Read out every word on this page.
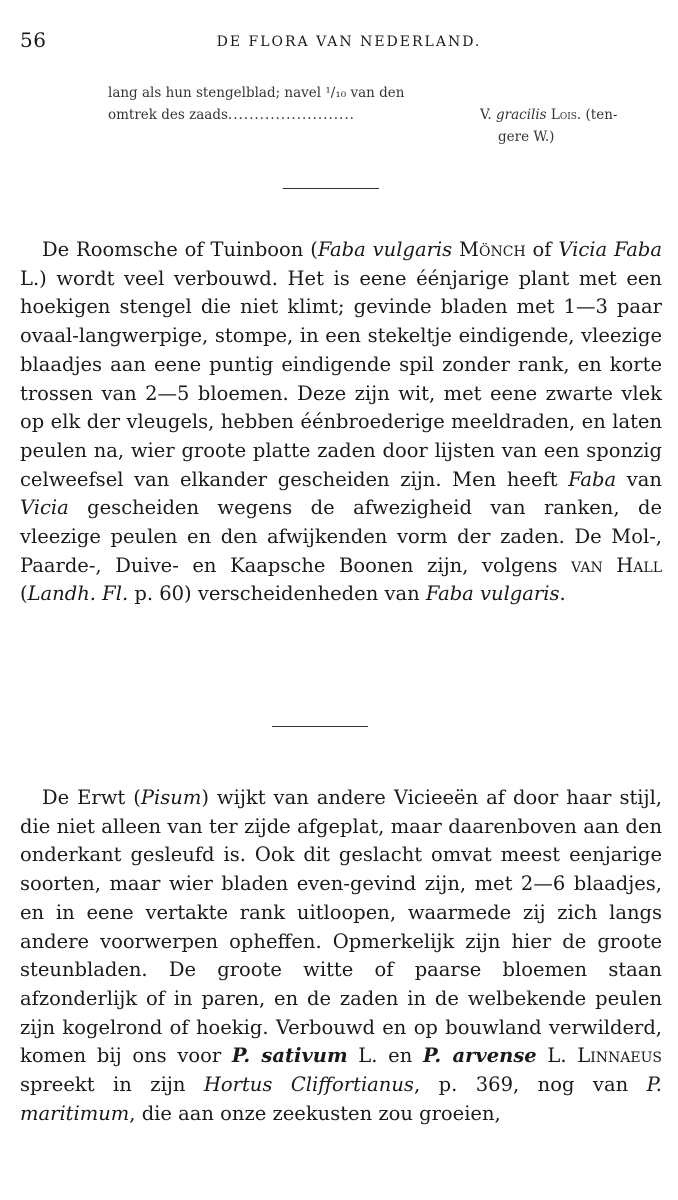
56	DE FLORA VAN NEDERLAND.
lang als hun stengelblad; navel ¹/₁₀ van den
omtrek des zaads........................	V. gracilis Lois. (ten-
gere W.)

De Roomsche of Tuinboon (Faba vulgaris Mönch of Vicia Faba L.) wordt veel verbouwd. Het is eene éénjarige plant met een hoekigen stengel die niet klimt; gevinde bladen met 1—3 paar ovaal-langwerpige, stompe, in een stekeltje eindigende, vleezige blaadjes aan eene puntig eindigende spil zonder rank, en korte trossen van 2—5 bloemen. Deze zijn wit, met eene zwarte vlek op elk der vleugels, hebben éénbroederige meeldraden, en laten peulen na, wier groote platte zaden door lijsten van een sponzig celweefsel van elkander gescheiden zijn. Men heeft Faba van Vicia gescheiden wegens de afwezigheid van ranken, de vleezige peulen en den afwijkenden vorm der zaden. De Mol-, Paarde-, Duive- en Kaapsche Boonen zijn, volgens van Hall (Landh. Fl. p. 60) verscheidenheden van Faba vulgaris.

De Erwt (Pisum) wijkt van andere Vicieeën af door haar stijl, die niet alleen van ter zijde afgeplat, maar daarenboven aan den onderkant gesleufd is. Ook dit geslacht omvat meest eenjarige soorten, maar wier bladen even-gevind zijn, met 2—6 blaadjes, en in eene vertakte rank uitloopen, waarmede zij zich langs andere voorwerpen opheffen. Opmerkelijk zijn hier de groote steunbladen. De groote witte of paarse bloemen staan afzonderlijk of in paren, en de zaden in de welbekende peulen zijn kogelrond of hoekig. Verbouwd en op bouwland verwilderd, komen bij ons voor P. sativum L. en P. arvense L. Linnaeus spreekt in zijn Hortus Cliffortianus, p. 369, nog van P. maritimum, die aan onze zeekusten zou groeien,
